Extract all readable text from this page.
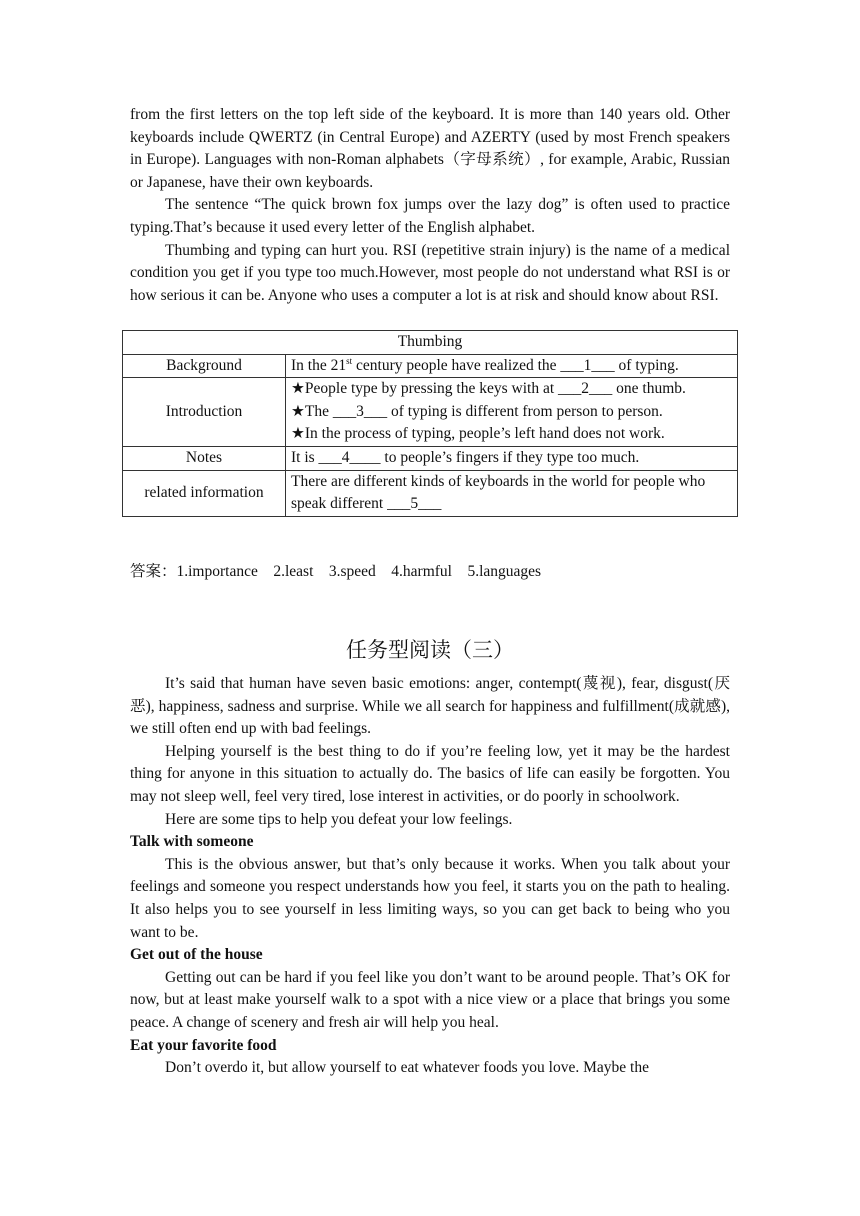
from the first letters on the top left side of the keyboard. It is more than 140 years old. Other keyboards include QWERTZ (in Central Europe) and AZERTY (used by most French speakers in Europe). Languages with non-Roman alphabets（字母系统）, for example, Arabic, Russian or Japanese, have their own keyboards.

The sentence “The quick brown fox jumps over the lazy dog” is often used to practice typing.That’s because it used every letter of the English alphabet.

Thumbing and typing can hurt you. RSI (repetitive strain injury) is the name of a medical condition you get if you type too much.However, most people do not understand what RSI is or how serious it can be. Anyone who uses a computer a lot is at risk and should know about RSI.

Thumbing	
Background	In the 21st century people have realized the ___1___ of typing.
Introduction	★People type by pressing the keys with at ___2___ one thumb.
★The ___3___ of typing is different from person to person.
★In the process of typing, people’s left hand does not work.

Notes	It is ___4____ to people’s fingers if they type too much.
related information	There are different kinds of keyboards in the world for people who speak different ___5___
答案：1.importance    2.least    3.speed    4.harmful    5.languages
任务型阅读（三）

It’s said that human have seven basic emotions: anger, contempt(蔑视), fear, disgust(厌恶), happiness, sadness and surprise. While we all search for happiness and fulfillment(成就感), we still often end up with bad feelings.

Helping yourself is the best thing to do if you’re feeling low, yet it may be the hardest thing for anyone in this situation to actually do. The basics of life can easily be forgotten. You may not sleep well, feel very tired, lose interest in activities, or do poorly in schoolwork.

Here are some tips to help you defeat your low feelings.

Talk with someone

This is the obvious answer, but that’s only because it works. When you talk about your feelings and someone you respect understands how you feel, it starts you on the path to healing. It also helps you to see yourself in less limiting ways, so you can get back to being who you want to be.

Get out of the house

Getting out can be hard if you feel like you don’t want to be around people. That’s OK for now, but at least make yourself walk to a spot with a nice view or a place that brings you some peace. A change of scenery and fresh air will help you heal.

Eat your favorite food

Don’t overdo it, but allow yourself to eat whatever foods you love. Maybe the
